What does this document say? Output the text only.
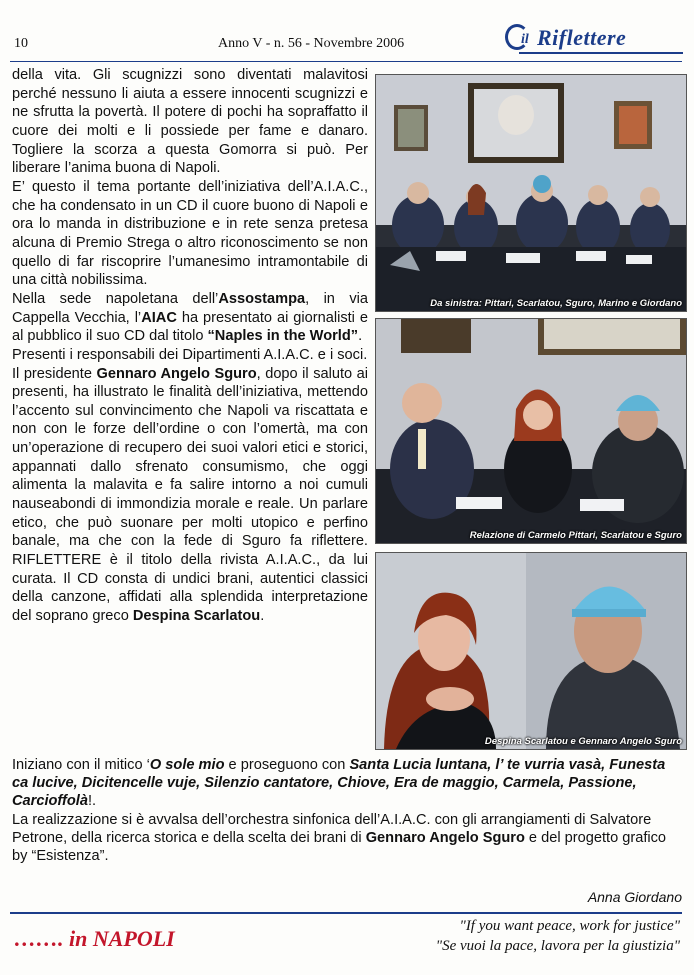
10	Anno V - n. 56 - Novembre 2006	il Riflettere

della vita. Gli scugnizzi sono diventati malavitosi perché nessuno li aiuta a essere innocenti scugnizzi e ne sfrutta la povertà. Il potere di pochi ha sopraffatto il cuore dei molti e li possiede per fame e danaro. Togliere la scorza a questa Gomorra si può. Per liberare l’anima buona di Napoli.

E’ questo il tema portante dell’iniziativa dell’A.I.A.C., che ha condensato in un CD il cuore buono di Napoli e ora lo manda in distribuzione e in rete senza pretesa alcuna di Premio Strega o altro riconoscimento se non quello di far riscoprire l’umanesimo intramontabile di una città nobilissima.

Nella sede napoletana dell’Assostampa, in via Cappella Vecchia, l’AIAC ha presentato ai giornalisti e al pubblico il suo CD dal titolo “Naples in the World”.

Presenti i responsabili dei Dipartimenti A.I.A.C. e i soci.

Il presidente Gennaro Angelo Sguro, dopo il saluto ai presenti, ha illustrato le finalità dell’iniziativa, mettendo l’accento sul convincimento che Napoli va riscattata e non con le forze dell’ordine o con l’omertà, ma con un’operazione di recupero dei suoi valori etici e storici, appannati dallo sfrenato consumismo, che oggi alimenta la malavita e fa salire intorno a noi cumuli nauseabondi di immondizia morale e reale. Un parlare etico, che può suonare per molti utopico e perfino banale, ma che con la fede di Sguro fa riflettere. RIFLETTERE è il titolo della rivista A.I.A.C., da lui curata. Il CD consta di undici brani, autentici classici della canzone, affidati alla splendida interpretazione del soprano greco Despina Scarlatou.

Da sinistra: Pittari, Scarlatou, Sguro, Marino e Giordano
Relazione di Carmelo Pittari, Scarlatou e Sguro
Despina Scarlatou e Gennaro Angelo Sguro

Iniziano con il mitico ‘O sole mio e proseguono con Santa Lucia luntana, l’ te vurria vasà, Funesta ca lucive, Dicitencelle vuje, Silenzio cantatore, Chiove, Era de maggio, Carmela, Passione, Carcioffolà!.

La realizzazione si è avvalsa dell’orchestra sinfonica dell’A.I.A.C. con gli arrangiamenti di Salvatore Petrone, della ricerca storica e della scelta dei brani di Gennaro Angelo Sguro e del progetto grafico by “Esistenza”.

Anna Giordano
……. in NAPOLI	"If you want peace, work for justice"
"Se vuoi la pace, lavora per la giustizia"
